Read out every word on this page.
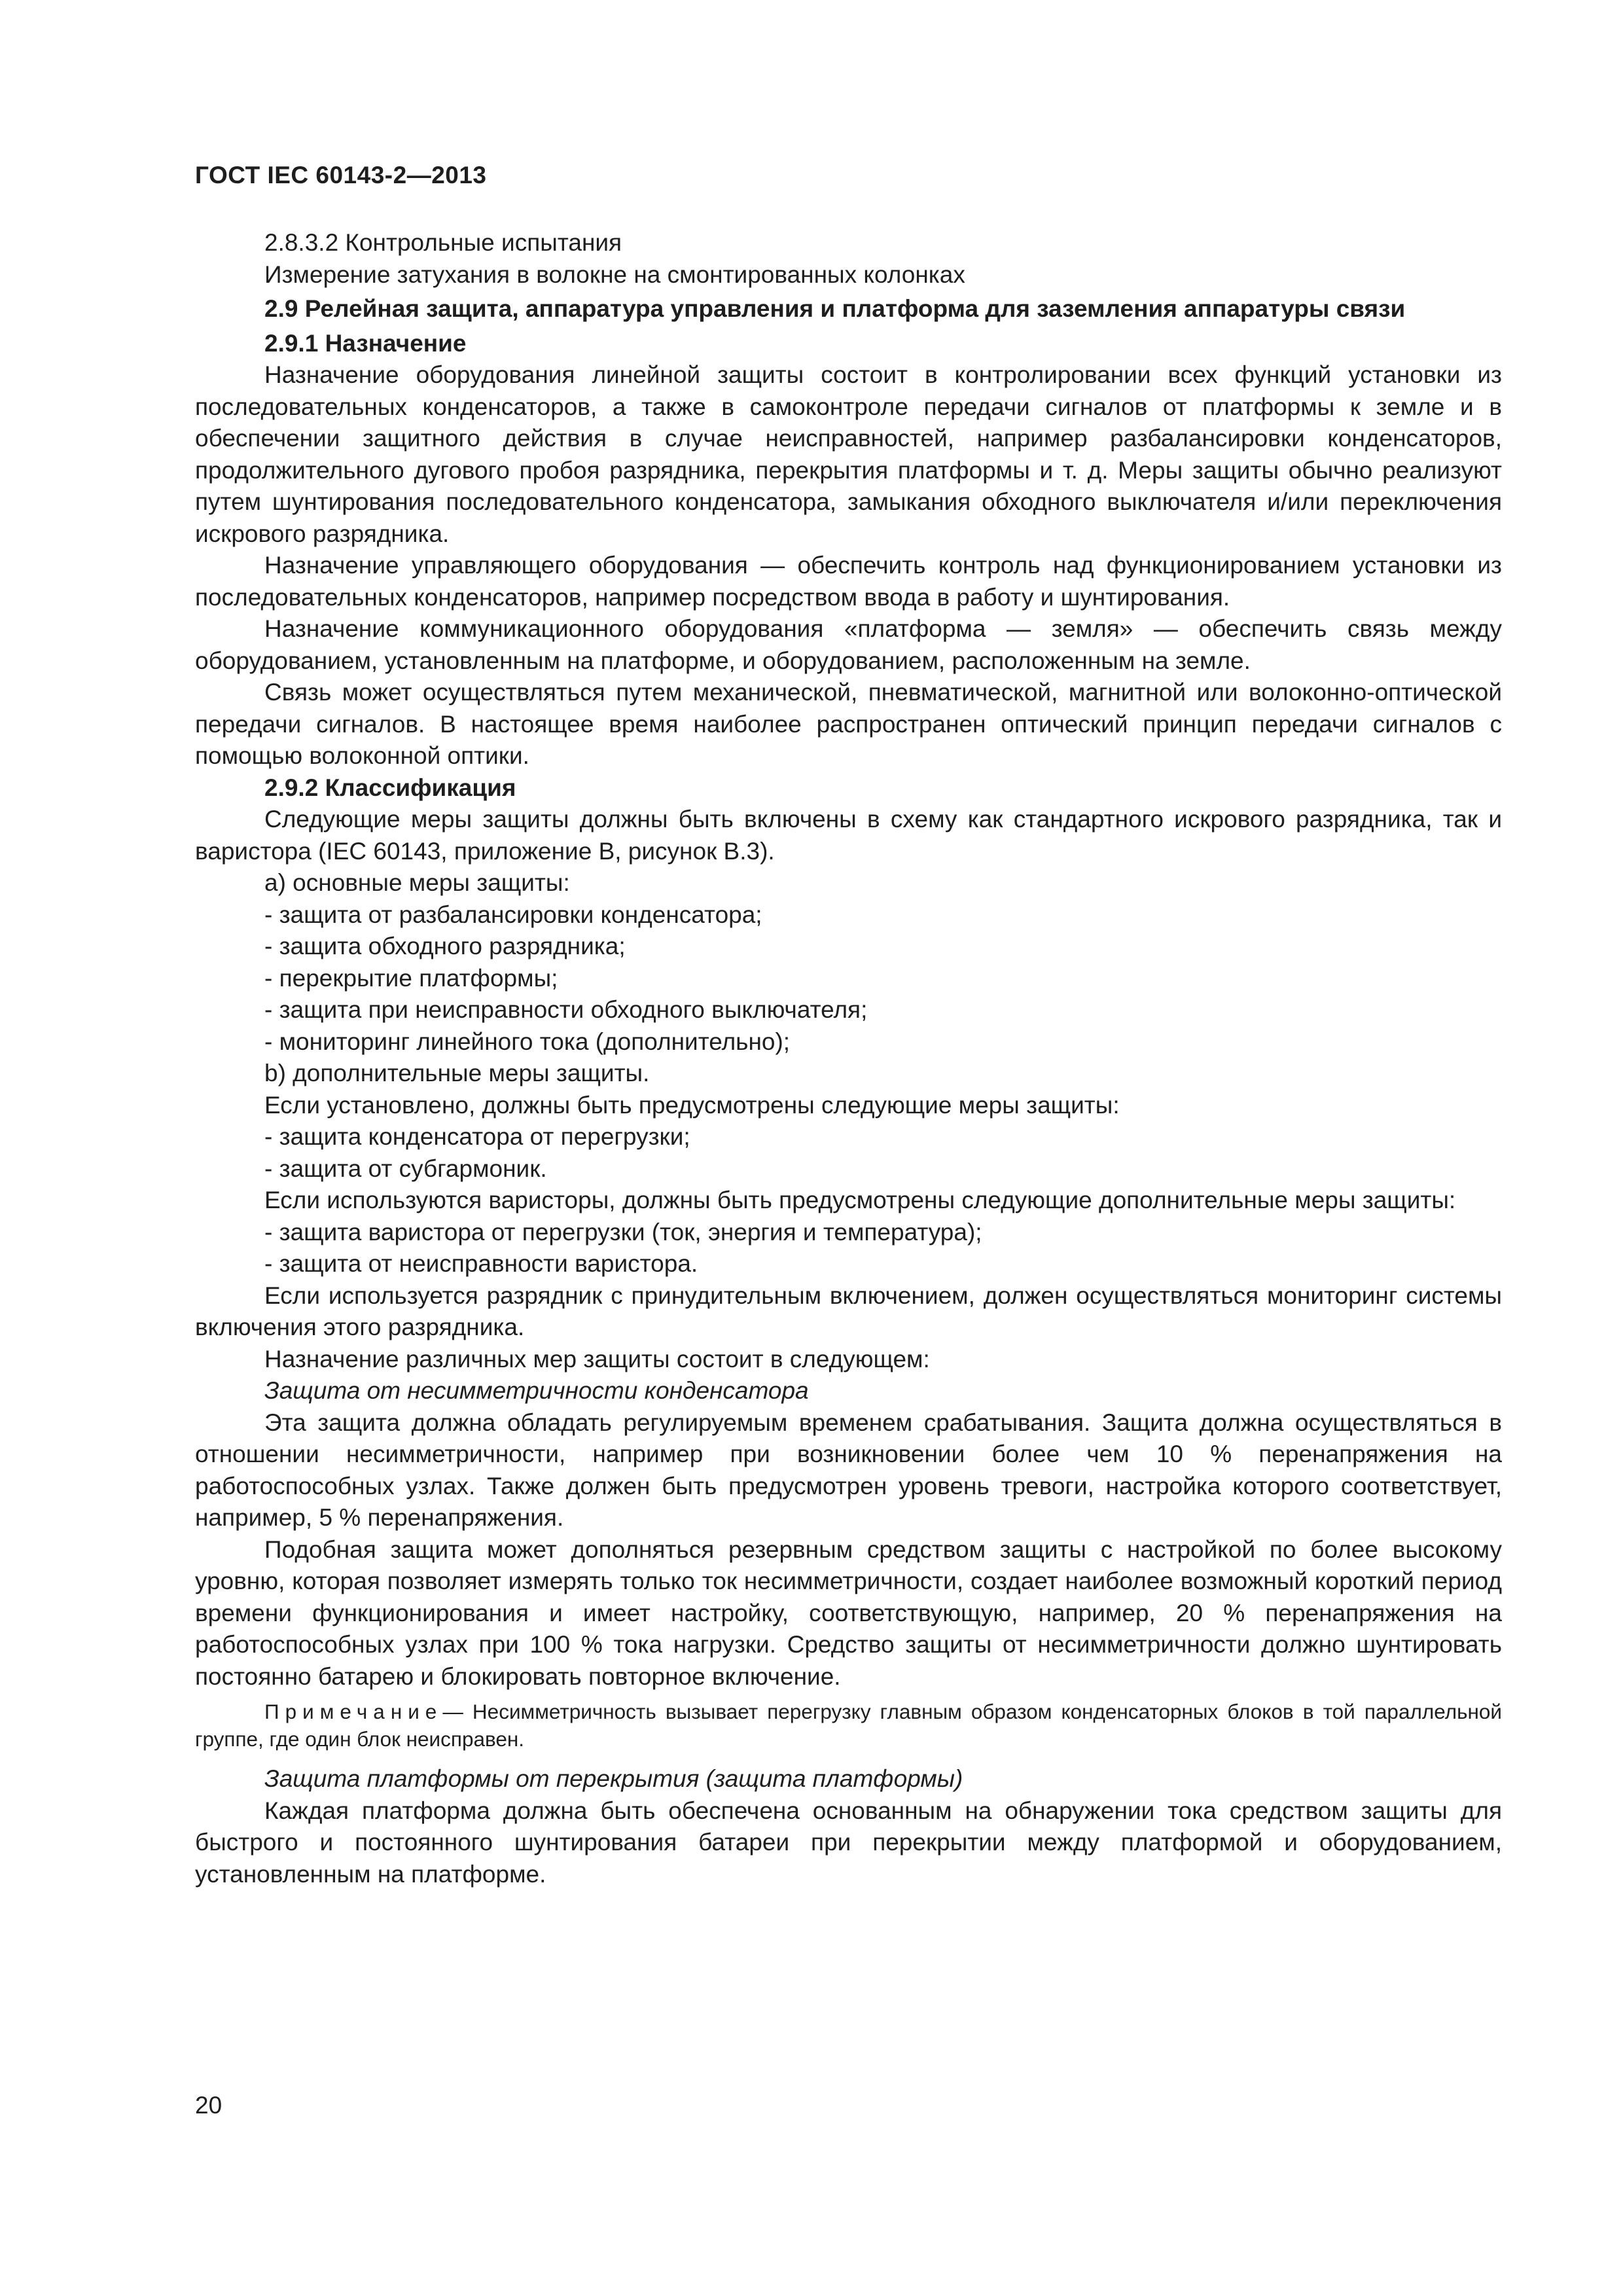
ГОСТ IEC 60143-2—2013

2.8.3.2 Контрольные испытания

Измерение затухания в волокне на смонтированных колонках

2.9 Релейная защита, аппаратура управления и платформа для заземления аппаратуры связи

2.9.1 Назначение

Назначение оборудования линейной защиты состоит в контролировании всех функций установки из последовательных конденсаторов, а также в самоконтроле передачи сигналов от платформы к земле и в обеспечении защитного действия в случае неисправностей, например разбалансировки конденсаторов, продолжительного дугового пробоя разрядника, перекрытия платформы и т. д. Меры защиты обычно реализуют путем шунтирования последовательного конденсатора, замыкания обходного выключателя и/или переключения искрового разрядника.

Назначение управляющего оборудования — обеспечить контроль над функционированием установки из последовательных конденсаторов, например посредством ввода в работу и шунтирования.

Назначение коммуникационного оборудования «платформа — земля» — обеспечить связь между оборудованием, установленным на платформе, и оборудованием, расположенным на земле.

Связь может осуществляться путем механической, пневматической, магнитной или волоконно-оптической передачи сигналов. В настоящее время наиболее распространен оптический принцип передачи сигналов с помощью волоконной оптики.

2.9.2 Классификация

Следующие меры защиты должны быть включены в схему как стандартного искрового разрядника, так и варистора (IEC 60143, приложение В, рисунок В.3).

a) основные меры защиты:

- защита от разбалансировки конденсатора;

- защита обходного разрядника;

- перекрытие платформы;

- защита при неисправности обходного выключателя;

- мониторинг линейного тока (дополнительно);

b) дополнительные меры защиты.

Если установлено, должны быть предусмотрены следующие меры защиты:

- защита конденсатора от перегрузки;

- защита от субгармоник.

Если используются варисторы, должны быть предусмотрены следующие дополнительные меры защиты:

- защита варистора от перегрузки (ток, энергия и температура);

- защита от неисправности варистора.

Если используется разрядник с принудительным включением, должен осуществляться мониторинг системы включения этого разрядника.

Назначение различных мер защиты состоит в следующем:

Защита от несимметричности конденсатора

Эта защита должна обладать регулируемым временем срабатывания. Защита должна осуществляться в отношении несимметричности, например при возникновении более чем 10 % перенапряжения на работоспособных узлах. Также должен быть предусмотрен уровень тревоги, настройка которого соответствует, например, 5 % перенапряжения.

Подобная защита может дополняться резервным средством защиты с настройкой по более высокому уровню, которая позволяет измерять только ток несимметричности, создает наиболее возможный короткий период времени функционирования и имеет настройку, соответствующую, например, 20 % перенапряжения на работоспособных узлах при 100 % тока нагрузки. Средство защиты от несимметричности должно шунтировать постоянно батарею и блокировать повторное включение.

Примечание— Несимметричность вызывает перегрузку главным образом конденсаторных блоков в той параллельной группе, где один блок неисправен.

Защита платформы от перекрытия (защита платформы)

Каждая платформа должна быть обеспечена основанным на обнаружении тока средством защиты для быстрого и постоянного шунтирования батареи при перекрытии между платформой и оборудованием, установленным на платформе.

20
